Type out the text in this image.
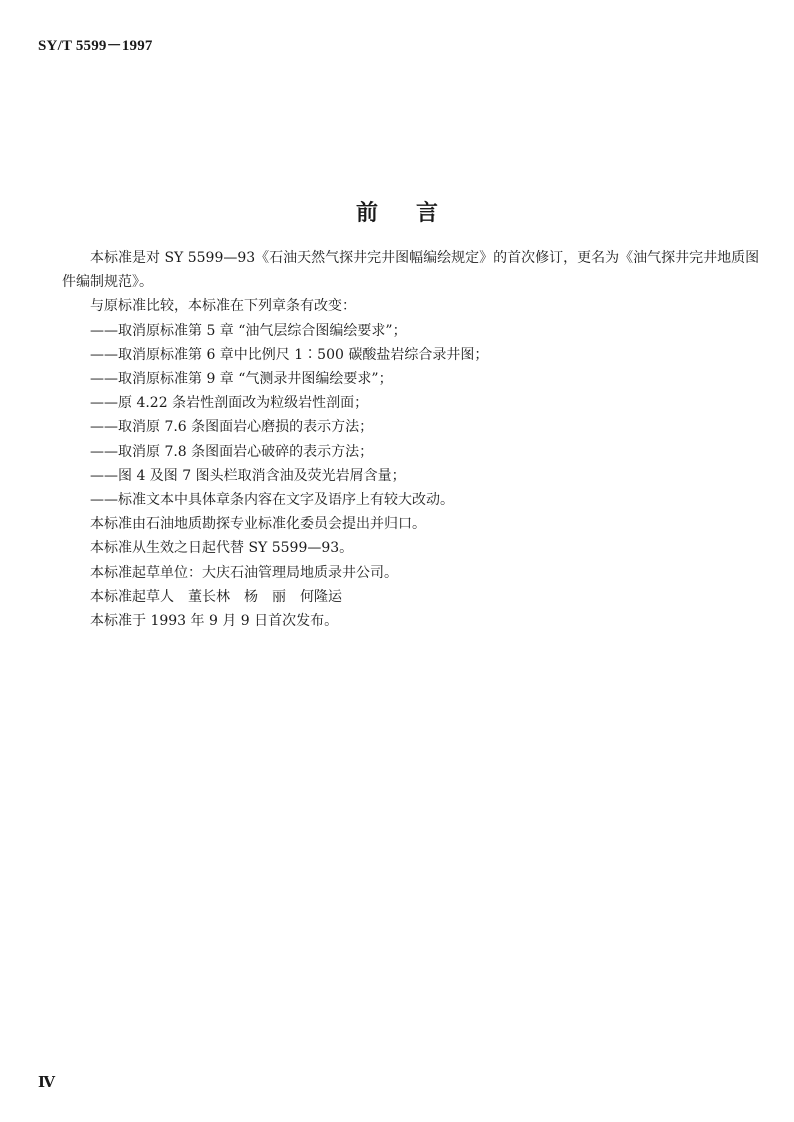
SY/T 5599－1997
前言

本标准是对 SY 5599—93《石油天然气探井完井图幅编绘规定》的首次修订，更名为《油气探井完井地质图件编制规范》。

与原标准比较，本标准在下列章条有改变：

——取消原标准第 5 章 “油气层综合图编绘要求”；

——取消原标准第 6 章中比例尺 1∶500 碳酸盐岩综合录井图；

——取消原标准第 9 章 “气测录井图编绘要求”；

——原 4.22 条岩性剖面改为粒级岩性剖面；

——取消原 7.6 条图面岩心磨损的表示方法；

——取消原 7.8 条图面岩心破碎的表示方法；

——图 4 及图 7 图头栏取消含油及荧光岩屑含量；

——标准文本中具体章条内容在文字及语序上有较大改动。

本标准由石油地质勘探专业标准化委员会提出并归口。

本标准从生效之日起代替 SY 5599—93。

本标准起草单位：大庆石油管理局地质录井公司。

本标准起草人　董长林　杨　丽　何隆运

本标准于 1993 年 9 月 9 日首次发布。

Ⅳ
